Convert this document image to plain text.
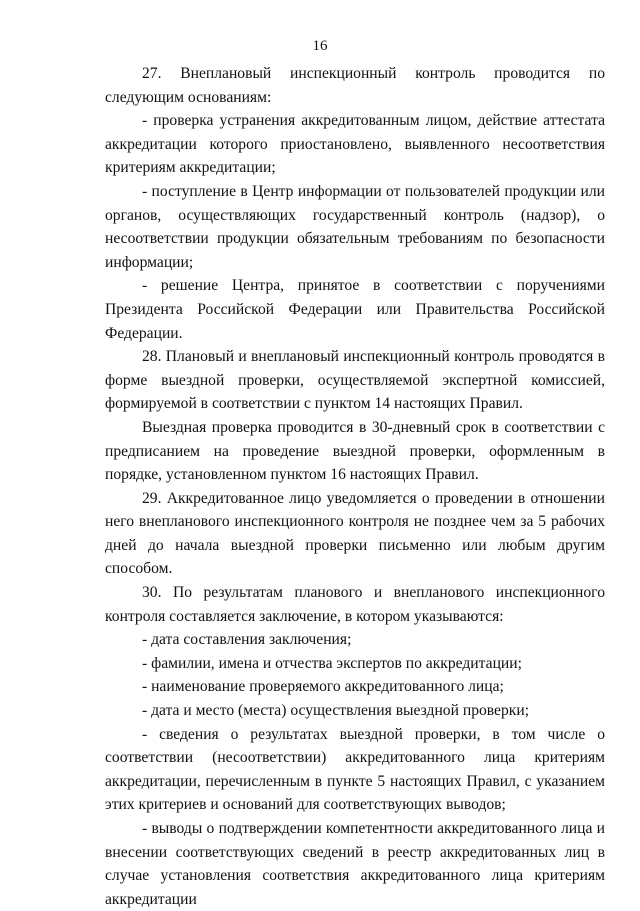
16

27. Внеплановый инспекционный контроль проводится по следующим основаниям:

- проверка устранения аккредитованным лицом, действие аттестата аккредитации которого приостановлено, выявленного несоответствия критериям аккредитации;

- поступление в Центр информации от пользователей продукции или органов, осуществляющих государственный контроль (надзор), о несоответствии продукции обязательным требованиям по безопасности информации;

- решение Центра, принятое в соответствии с поручениями Президента Российской Федерации или Правительства Российской Федерации.

28. Плановый и внеплановый инспекционный контроль проводятся в форме выездной проверки, осуществляемой экспертной комиссией, формируемой в соответствии с пунктом 14 настоящих Правил.

Выездная проверка проводится в 30-дневный срок в соответствии с предписанием на проведение выездной проверки, оформленным в порядке, установленном пунктом 16 настоящих Правил.

29. Аккредитованное лицо уведомляется о проведении в отношении него внепланового инспекционного контроля не позднее чем за 5 рабочих дней до начала выездной проверки письменно или любым другим способом.

30. По результатам планового и внепланового инспекционного контроля составляется заключение, в котором указываются:

- дата составления заключения;

- фамилии, имена и отчества экспертов по аккредитации;

- наименование проверяемого аккредитованного лица;

- дата и место (места) осуществления выездной проверки;

- сведения о результатах выездной проверки, в том числе о соответствии (несоответствии) аккредитованного лица критериям аккредитации, перечисленным в пункте 5 настоящих Правил, с указанием этих критериев и оснований для соответствующих выводов;

- выводы о подтверждении компетентности аккредитованного лица и внесении соответствующих сведений в реестр аккредитованных лиц в случае установления соответствия аккредитованного лица критериям аккредитации
